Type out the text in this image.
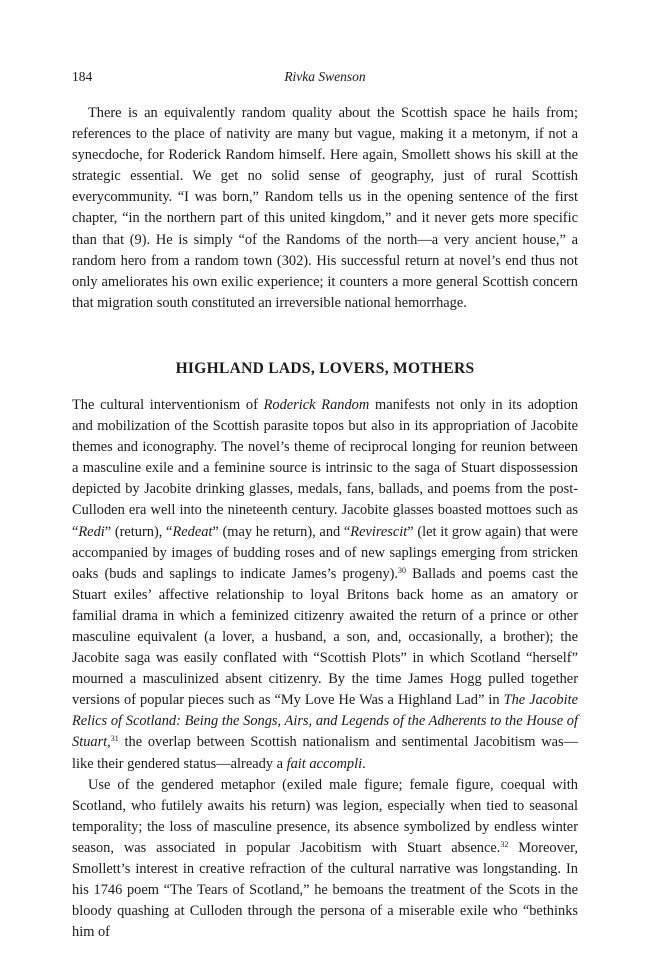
184	Rivka Swenson

There is an equivalently random quality about the Scottish space he hails from; references to the place of nativity are many but vague, making it a metonym, if not a synecdoche, for Roderick Random himself. Here again, Smollett shows his skill at the strategic essential. We get no solid sense of geography, just of rural Scottish everycommunity. “I was born,” Random tells us in the opening sentence of the first chapter, “in the northern part of this united kingdom,” and it never gets more specific than that (9). He is simply “of the Randoms of the north—a very ancient house,” a random hero from a random town (302). His successful return at novel’s end thus not only ameliorates his own exilic experience; it counters a more general Scottish concern that migration south constituted an irreversible national hemorrhage.

HIGHLAND LADS, LOVERS, MOTHERS

The cultural interventionism of Roderick Random manifests not only in its adoption and mobilization of the Scottish parasite topos but also in its appropriation of Jacobite themes and iconography. The novel’s theme of reciprocal longing for reunion between a masculine exile and a feminine source is intrinsic to the saga of Stuart dispossession depicted by Jacobite drinking glasses, medals, fans, ballads, and poems from the post-Culloden era well into the nineteenth century. Jacobite glasses boasted mottoes such as “Redi” (return), “Redeat” (may he return), and “Revirescit” (let it grow again) that were accompanied by images of budding roses and of new saplings emerging from stricken oaks (buds and saplings to indicate James’s progeny).$^{30}$ Ballads and poems cast the Stuart exiles’ affective relationship to loyal Britons back home as an amatory or familial drama in which a feminized citizenry awaited the return of a prince or other masculine equivalent (a lover, a husband, a son, and, occasionally, a brother); the Jacobite saga was easily conflated with “Scottish Plots” in which Scotland “herself” mourned a masculinized absent citizenry. By the time James Hogg pulled together versions of popular pieces such as “My Love He Was a Highland Lad” in The Jacobite Relics of Scotland: Being the Songs, Airs, and Legends of the Adherents to the House of Stuart,$^{31}$ the overlap between Scottish nationalism and sentimental Jacobitism was—like their gendered status—already a fait accompli.

Use of the gendered metaphor (exiled male figure; female figure, coequal with Scotland, who futilely awaits his return) was legion, especially when tied to seasonal temporality; the loss of masculine presence, its absence symbolized by endless winter season, was associated in popular Jacobitism with Stuart absence.$^{32}$ Moreover, Smollett’s interest in creative refraction of the cultural narrative was longstanding. In his 1746 poem “The Tears of Scotland,” he bemoans the treatment of the Scots in the bloody quashing at Culloden through the persona of a miserable exile who “bethinks him of
